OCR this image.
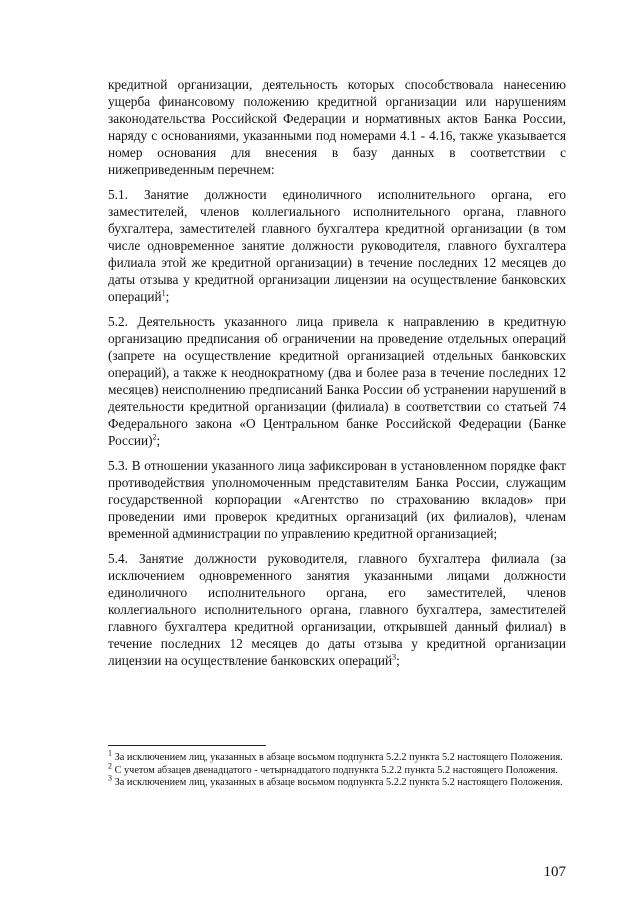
кредитной организации, деятельность которых способствовала нанесению ущерба финансовому положению кредитной организации или нарушениям законодательства Российской Федерации и нормативных актов Банка России, наряду с основаниями, указанными под номерами 4.1 - 4.16, также указывается номер основания для внесения в базу данных в соответствии с нижеприведенным перечнем:

5.1. Занятие должности единоличного исполнительного органа, его заместителей, членов коллегиального исполнительного органа, главного бухгалтера, заместителей главного бухгалтера кредитной организации (в том числе одновременное занятие должности руководителя, главного бухгалтера филиала этой же кредитной организации) в течение последних 12 месяцев до даты отзыва у кредитной организации лицензии на осуществление банковских операций$^1$;

5.2. Деятельность указанного лица привела к направлению в кредитную организацию предписания об ограничении на проведение отдельных операций (запрете на осуществление кредитной организацией отдельных банковских операций), а также к неоднократному (два и более раза в течение последних 12 месяцев) неисполнению предписаний Банка России об устранении нарушений в деятельности кредитной организации (филиала) в соответствии со статьей 74 Федерального закона «О Центральном банке Российской Федерации (Банке России)$^2$;

5.3. В отношении указанного лица зафиксирован в установленном порядке факт противодействия уполномоченным представителям Банка России, служащим государственной корпорации «Агентство по страхованию вкладов» при проведении ими проверок кредитных организаций (их филиалов), членам временной администрации по управлению кредитной организацией;

5.4. Занятие должности руководителя, главного бухгалтера филиала (за исключением одновременного занятия указанными лицами должности единоличного исполнительного органа, его заместителей, членов коллегиального исполнительного органа, главного бухгалтера, заместителей главного бухгалтера кредитной организации, открывшей данный филиал) в течение последних 12 месяцев до даты отзыва у кредитной организации лицензии на осуществление банковских операций$^3$;

$^1$ За исключением лиц, указанных в абзаце восьмом подпункта 5.2.2 пункта 5.2 настоящего Положения.

$^2$ С учетом абзацев двенадцатого - четырнадцатого подпункта 5.2.2 пункта 5.2 настоящего Положения.

$^3$ За исключением лиц, указанных в абзаце восьмом подпункта 5.2.2 пункта 5.2 настоящего Положения.

107
